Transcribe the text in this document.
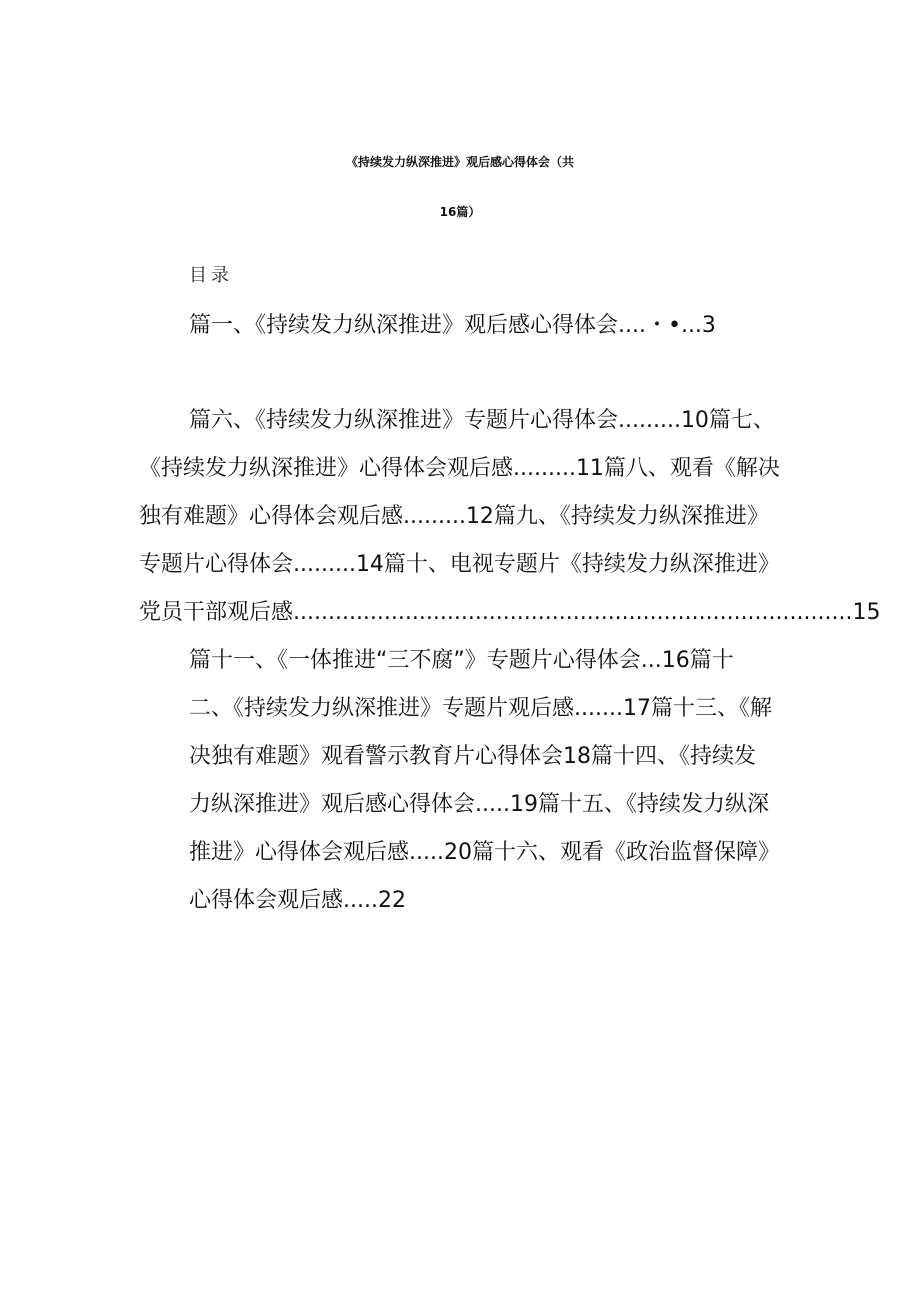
《持续发力纵深推进》观后感心得体会（共
16篇）
目录
篇一、《持续发力纵深推进》观后感心得体会....・•...3
篇六、《持续发力纵深推进》专题片心得体会.........10篇七、
《持续发力纵深推进》心得体会观后感.........11篇八、观看《解决
独有难题》心得体会观后感.........12篇九、《持续发力纵深推进》
专题片心得体会.........14篇十、电视专题片《持续发力纵深推进》
党员干部观后感................................................................................15
篇十一、《一体推进“三不腐”》专题片心得体会...16篇十
二、《持续发力纵深推进》专题片观后感.......17篇十三、《解
决独有难题》观看警示教育片心得体会18篇十四、《持续发
力纵深推进》观后感心得体会.....19篇十五、《持续发力纵深
推进》心得体会观后感.....20篇十六、观看《政治监督保障》
心得体会观后感.....22
